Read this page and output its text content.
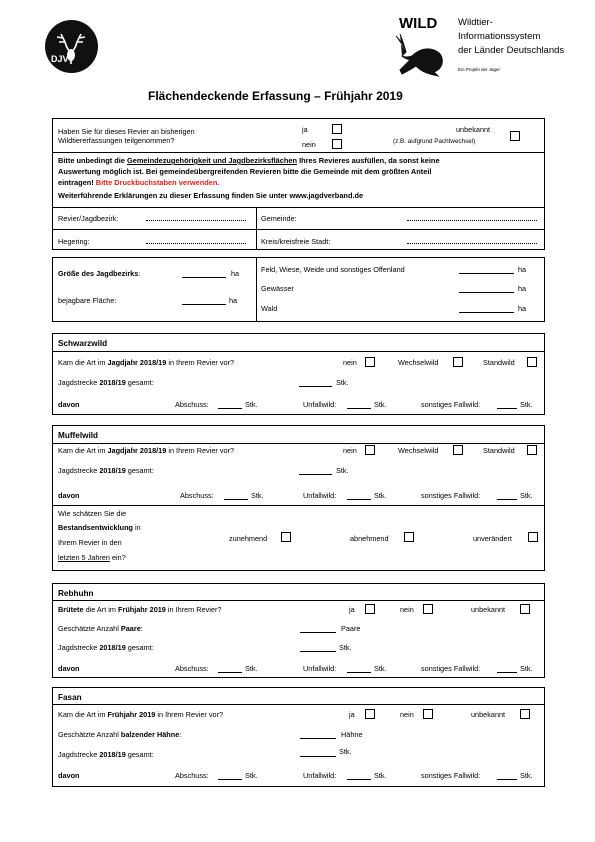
DJV
WILD Wildtier-
Informationssystem
der Länder Deutschlands
Ein Projekt der Jäger
Flächendeckende Erfassung – Frühjahr 2019
Haben Sie für dieses Revier an bisherigen
Wildtiererfassungen teilgenommen?
ja
nein
unbekannt
(z.B. aufgrund Pachtwechsel)
Bitte unbedingt die Gemeindezugehörigkeit und Jagdbezirksflächen Ihres Revieres ausfüllen, da sonst keine
Auswertung möglich ist. Bei gemeindeübergreifenden Revieren bitte die Gemeinde mit dem größten Anteil
eintragen! Bitte Druckbuchstaben verwenden.
Weiterführende Erklärungen zu dieser Erfassung finden Sie unter www.jagdverband.de
Revier/Jagdbezirk:	Gemeinde:
Hegering:	Kreis/kreisfreie Stadt:
Größe des Jagdbezirks:	ha
bejagbare Fläche:	ha
Feld, Wiese, Weide und sonstiges Offenland	ha
Gewässer	ha
Wald	ha
Schwarzwild
Kam die Art im Jagdjahr 2018/19 in Ihrem Revier vor?	nein	Wechselwild	Standwild
Jagdstrecke 2018/19 gesamt:	Stk.
davon	Abschuss:	Stk.	Unfallwild:	Stk.	sonstiges Fallwild:	Stk.
Muffelwild
Kam die Art im Jagdjahr 2018/19 in Ihrem Revier vor?	nein	Wechselwild	Standwild
Jagdstrecke 2018/19 gesamt:	Stk.
davon	Abschuss:	Stk.	Unfallwild:	Stk.	sonstiges Fallwild:	Stk.
Wie schätzen Sie die
Bestandsentwicklung in
Ihrem Revier in den
letzten 5 Jahren ein?
zunehmend	abnehmend	unverändert
Rebhuhn
Brütete die Art im Frühjahr 2019 in Ihrem Revier?	ja	nein	unbekannt
Geschätzte Anzahl Paare:	Paare
Jagdstrecke 2018/19 gesamt:	Stk.
davon	Abschuss:	Stk.	Unfallwild:	Stk.	sonstiges Fallwild:	Stk.
Fasan
Kam die Art im Frühjahr 2019 in Ihrem Revier vor?	ja	nein	unbekannt
Geschätzte Anzahl balzender Hähne:	Hähne
Jagdstrecke 2018/19 gesamt:	Stk.
davon	Abschuss:	Stk.	Unfallwild:	Stk.	sonstiges Fallwild:	Stk.
